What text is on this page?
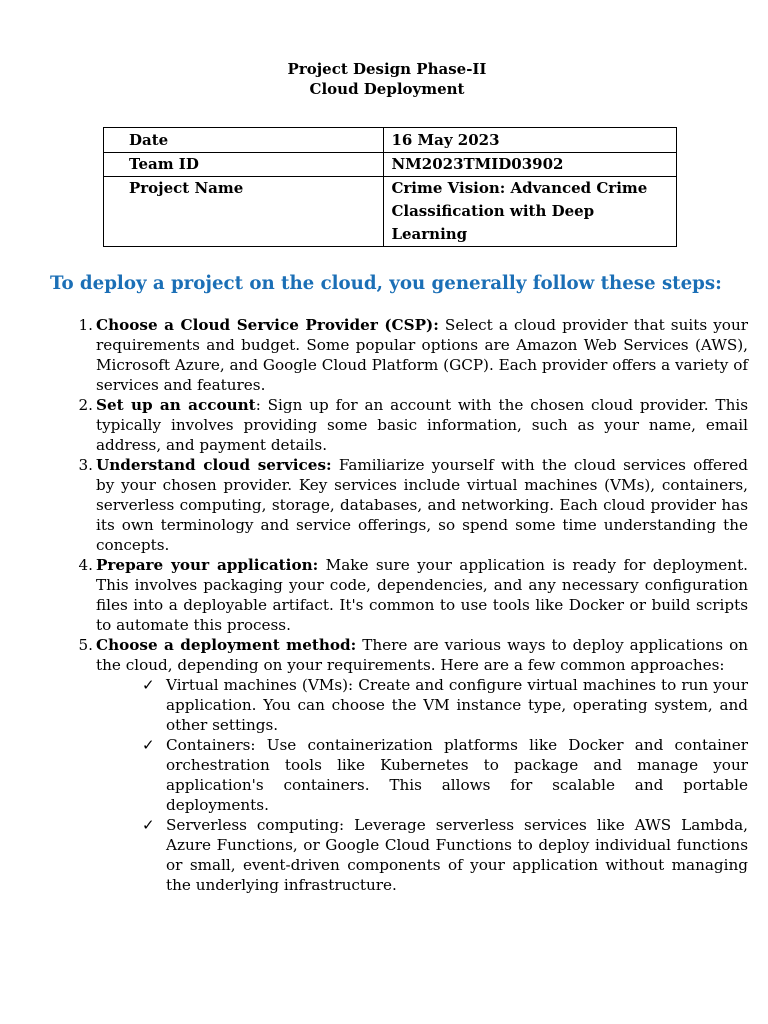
Project Design Phase-II
Cloud Deployment
Date	16 May 2023
Team ID	NM2023TMID03902
Project Name	Crime Vision: Advanced Crime Classification with Deep Learning
To deploy a project on the cloud, you generally follow these steps:
1. Choose a Cloud Service Provider (CSP): Select a cloud provider that suits your requirements and budget. Some popular options are Amazon Web Services (AWS), Microsoft Azure, and Google Cloud Platform (GCP). Each provider offers a variety of services and features.
2. Set up an account: Sign up for an account with the chosen cloud provider. This typically involves providing some basic information, such as your name, email address, and payment details.
3. Understand cloud services: Familiarize yourself with the cloud services offered by your chosen provider. Key services include virtual machines (VMs), containers, serverless computing, storage, databases, and networking. Each cloud provider has its own terminology and service offerings, so spend some time understanding the concepts.
4. Prepare your application: Make sure your application is ready for deployment. This involves packaging your code, dependencies, and any necessary configuration files into a deployable artifact. It's common to use tools like Docker or build scripts to automate this process.
5. Choose a deployment method: There are various ways to deploy applications on the cloud, depending on your requirements. Here are a few common approaches:
✓ Virtual machines (VMs): Create and configure virtual machines to run your application. You can choose the VM instance type, operating system, and other settings.
✓ Containers: Use containerization platforms like Docker and container orchestration tools like Kubernetes to package and manage your application's containers. This allows for scalable and portable deployments.
✓ Serverless computing: Leverage serverless services like AWS Lambda, Azure Functions, or Google Cloud Functions to deploy individual functions or small, event-driven components of your application without managing the underlying infrastructure.
